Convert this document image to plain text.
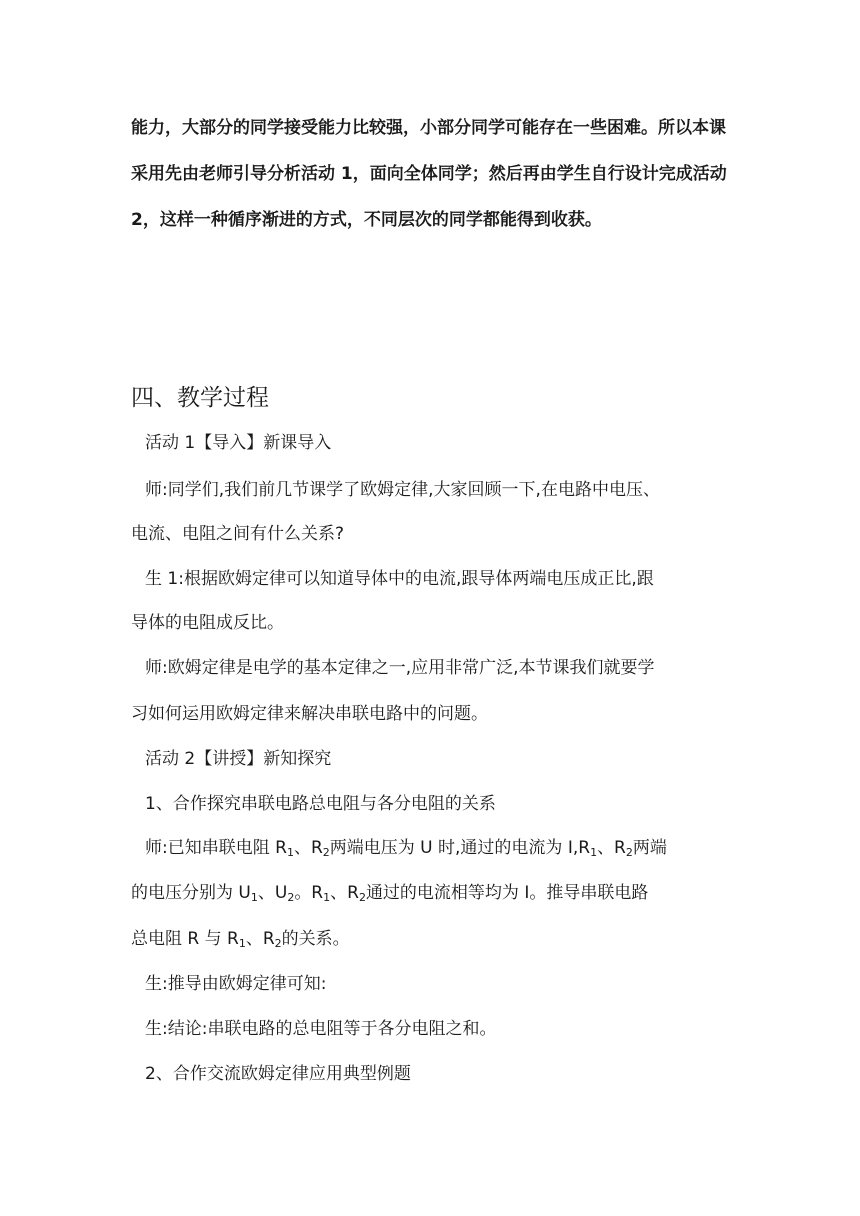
能力，大部分的同学接受能力比较强，小部分同学可能存在一些困难。所以本课
采用先由老师引导分析活动 1，面向全体同学；然后再由学生自行设计完成活动
2，这样一种循序渐进的方式，不同层次的同学都能得到收获。
四、教学过程
活动 1【导入】新课导入
师:同学们,我们前几节课学了欧姆定律,大家回顾一下,在电路中电压、
电流、电阻之间有什么关系?
生 1:根据欧姆定律可以知道导体中的电流,跟导体两端电压成正比,跟
导体的电阻成反比。
师:欧姆定律是电学的基本定律之一,应用非常广泛,本节课我们就要学
习如何运用欧姆定律来解决串联电路中的问题。
活动 2【讲授】新知探究
1、合作探究串联电路总电阻与各分电阻的关系
师:已知串联电阻 $R_1$、$R_2$两端电压为 U 时,通过的电流为 $I,R_1$、$R_2$两端
的电压分别为 $U_1$、$U_2$。$R_1$、$R_2$通过的电流相等均为 I。推导串联电路
总电阻 R 与 $R_1$、$R_2$的关系。
生:推导由欧姆定律可知:
生:结论:串联电路的总电阻等于各分电阻之和。
2、合作交流欧姆定律应用典型例题
